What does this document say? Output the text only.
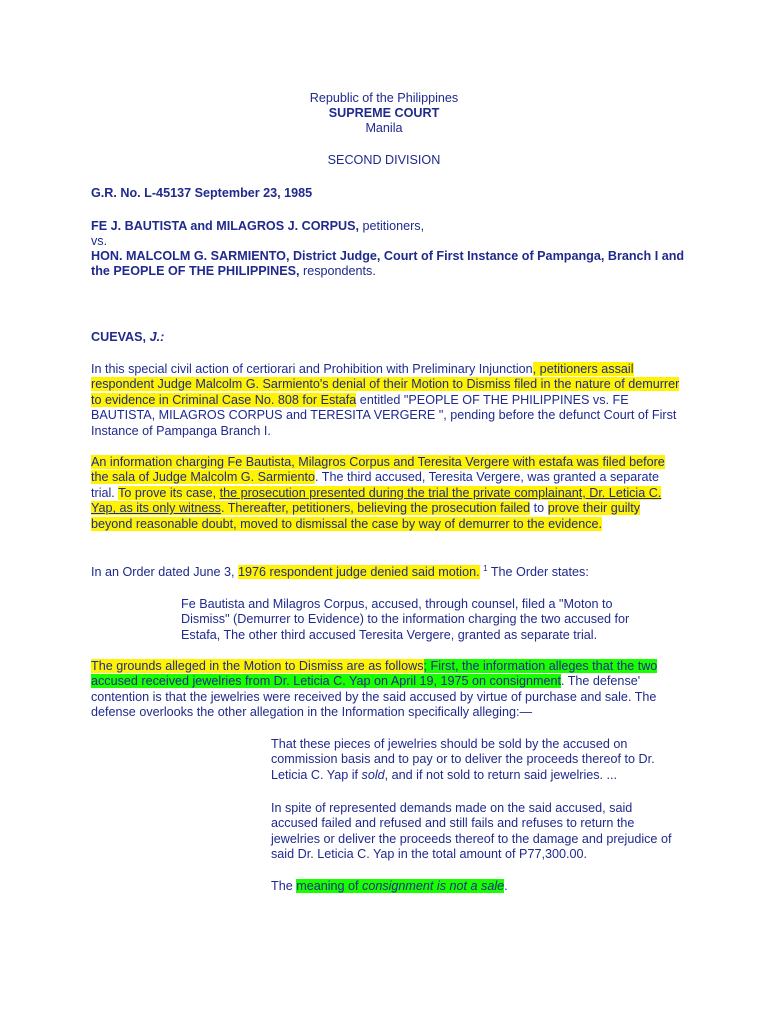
Republic of the Philippines
SUPREME COURT
Manila
SECOND DIVISION
G.R. No. L-45137 September 23, 1985
FE J. BAUTISTA and MILAGROS J. CORPUS, petitioners,
vs.
HON. MALCOLM G. SARMIENTO, District Judge, Court of First Instance of Pampanga, Branch I and the PEOPLE OF THE PHILIPPINES, respondents.
CUEVAS, J.:
In this special civil action of certiorari and Prohibition with Preliminary Injunction, petitioners assail respondent Judge Malcolm G. Sarmiento's denial of their Motion to Dismiss filed in the nature of demurrer to evidence in Criminal Case No. 808 for Estafa entitled "PEOPLE OF THE PHILIPPINES vs. FE BAUTISTA, MILAGROS CORPUS and TERESITA VERGERE ", pending before the defunct Court of First Instance of Pampanga Branch I.
An information charging Fe Bautista, Milagros Corpus and Teresita Vergere with estafa was filed before the sala of Judge Malcolm G. Sarmiento. The third accused, Teresita Vergere, was granted a separate trial. To prove its case, the prosecution presented during the trial the private complainant, Dr. Leticia C. Yap, as its only witness. Thereafter, petitioners, believing the prosecution failed to prove their guilty beyond reasonable doubt, moved to dismissal the case by way of demurrer to the evidence.
In an Order dated June 3, 1976 respondent judge denied said motion. $^1$ The Order states:
Fe Bautista and Milagros Corpus, accused, through counsel, filed a "Moton to Dismiss" (Demurrer to Evidence) to the information charging the two accused for Estafa, The other third accused Teresita Vergere, granted as separate trial.
The grounds alleged in the Motion to Dismiss are as follows; First, the information alleges that the two accused received jewelries from Dr. Leticia C. Yap on April 19, 1975 on consignment. The defense' contention is that the jewelries were received by the said accused by virtue of purchase and sale. The defense overlooks the other allegation in the Information specifically alleging:—
That these pieces of jewelries should be sold by the accused on commission basis and to pay or to deliver the proceeds thereof to Dr. Leticia C. Yap if sold, and if not sold to return said jewelries. ...
In spite of represented demands made on the said accused, said accused failed and refused and still fails and refuses to return the jewelries or deliver the proceeds thereof to the damage and prejudice of said Dr. Leticia C. Yap in the total amount of P77,300.00.
The meaning of consignment is not a sale.
